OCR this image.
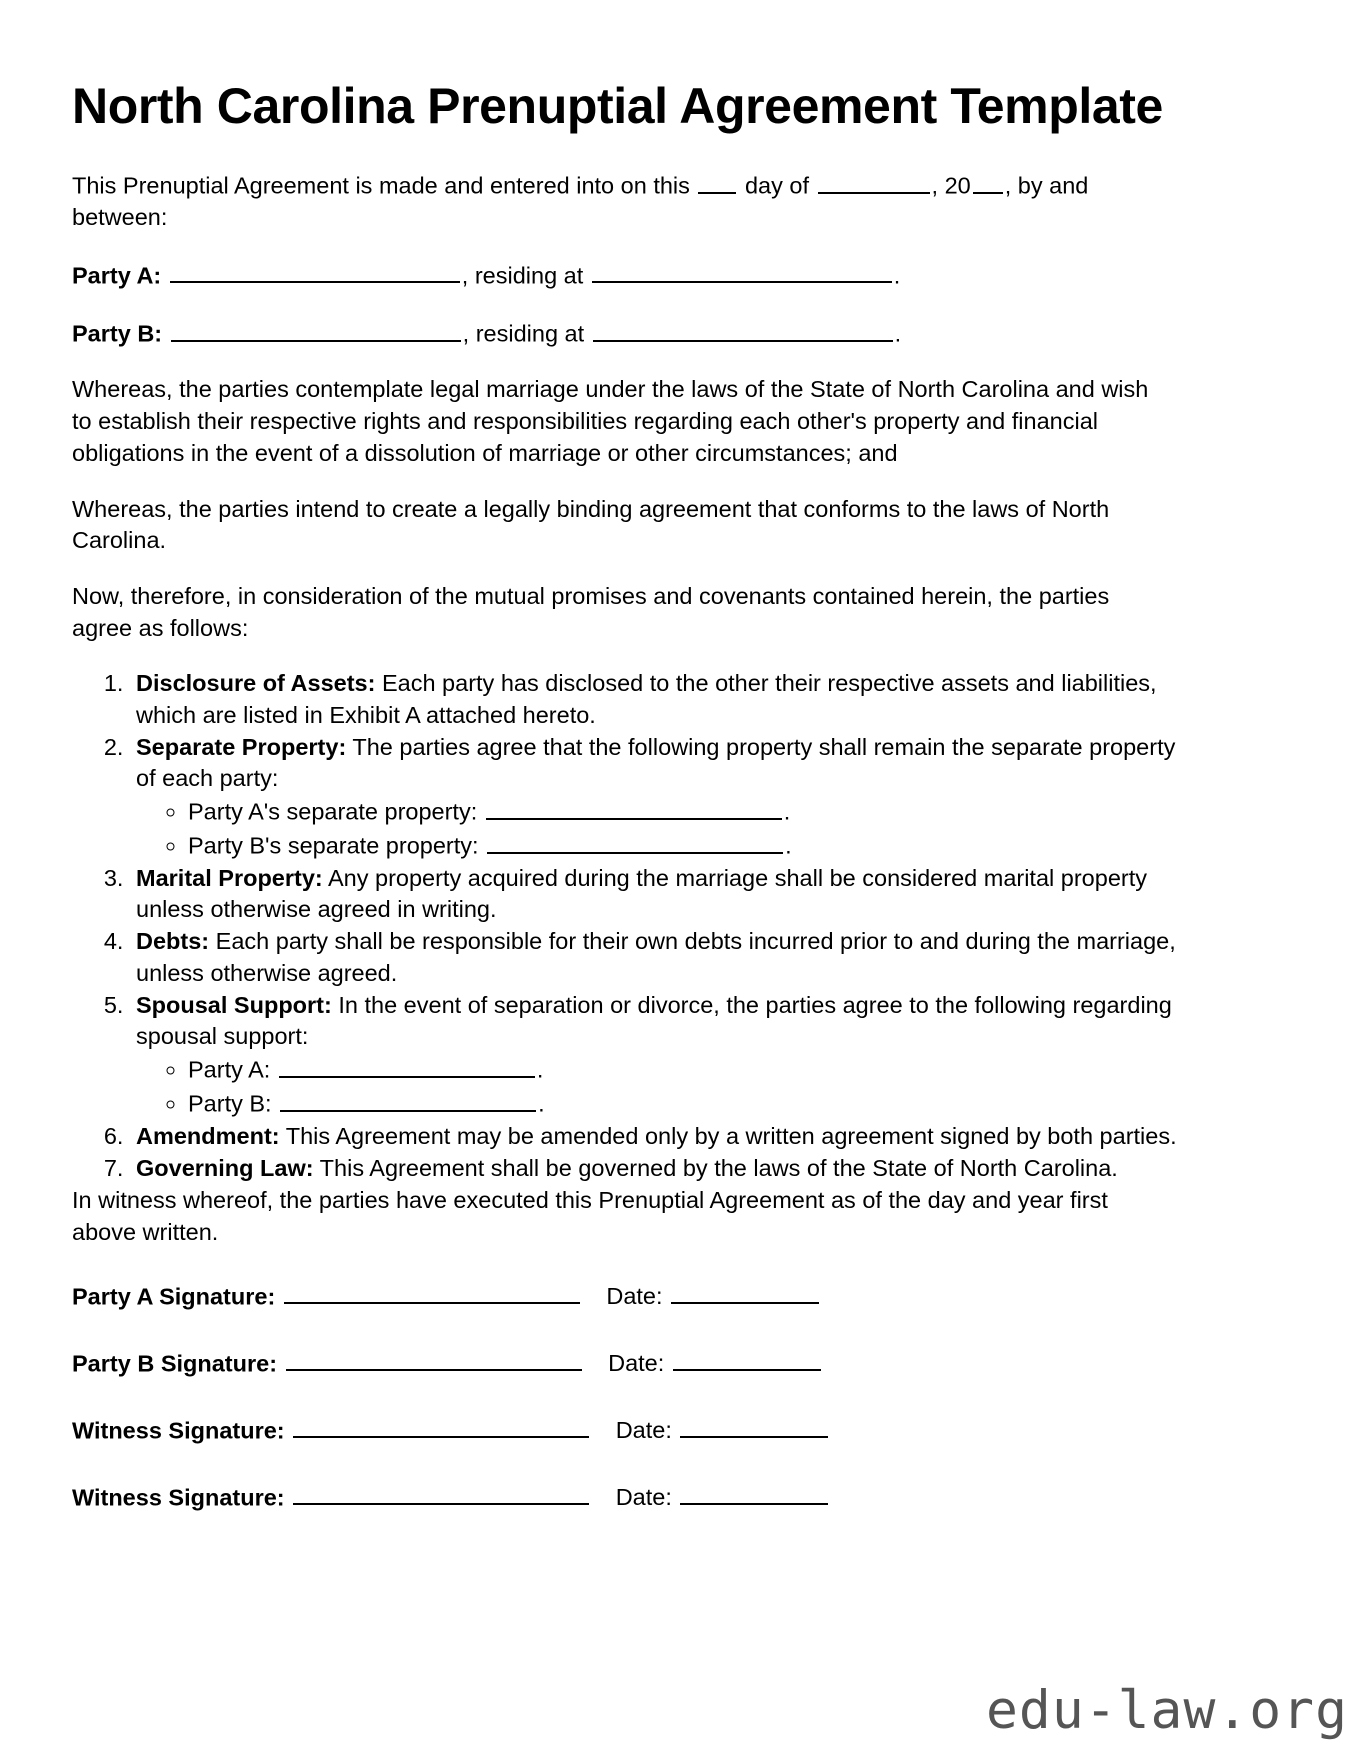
North Carolina Prenuptial Agreement Template

This Prenuptial Agreement is made and entered into on this day of	, 20 , by and between:

Party A:	, residing at	.

Party B:	, residing at	.

Whereas, the parties contemplate legal marriage under the laws of the State of North Carolina and wish to establish their respective rights and responsibilities regarding each other's property and financial obligations in the event of a dissolution of marriage or other circumstances; and

Whereas, the parties intend to create a legally binding agreement that conforms to the laws of North Carolina.

Now, therefore, in consideration of the mutual promises and covenants contained herein, the parties agree as follows:

1. Disclosure of Assets: Each party has disclosed to the other their respective assets and liabilities, which are listed in Exhibit A attached hereto.
2. Separate Property: The parties agree that the following property shall remain the separate property of each party:
◦ Party A's separate property:	.
◦ Party B's separate property:	.
3. Marital Property: Any property acquired during the marriage shall be considered marital property unless otherwise agreed in writing.
4. Debts: Each party shall be responsible for their own debts incurred prior to and during the marriage, unless otherwise agreed.
5. Spousal Support: In the event of separation or divorce, the parties agree to the following regarding spousal support:
◦ Party A:	.
◦ Party B:	.
6. Amendment: This Agreement may be amended only by a written agreement signed by both parties.
7. Governing Law: This Agreement shall be governed by the laws of the State of North Carolina.

In witness whereof, the parties have executed this Prenuptial Agreement as of the day and year first above written.

Party A Signature:	Date:
Party B Signature:	Date:
Witness Signature:	Date:
Witness Signature:	Date:
edu-law.org
